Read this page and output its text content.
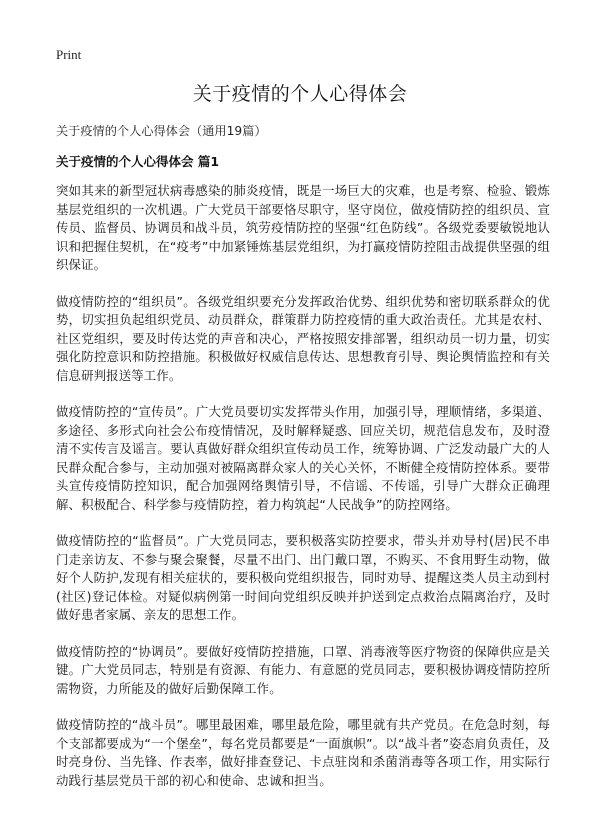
Print
关于疫情的个人心得体会
关于疫情的个人心得体会（通用19篇）
关于疫情的个人心得体会 篇1

突如其来的新型冠状病毒感染的肺炎疫情，既是一场巨大的灾难，也是考察、检验、锻炼基层党组织的一次机遇。广大党员干部要恪尽职守，坚守岗位，做疫情防控的组织员、宣传员、监督员、协调员和战斗员，筑劳疫情防控的坚强“红色防线”。各级党委要敏锐地认识和把握住契机，在“疫考”中加紧锤炼基层党组织，为打赢疫情防控阻击战提供坚强的组织保证。

做疫情防控的“组织员”。各级党组织要充分发挥政治优势、组织优势和密切联系群众的优势，切实担负起组织党员、动员群众，群策群力防控疫情的重大政治责任。尤其是农村、社区党组织，要及时传达党的声音和决心，严格按照安排部署，组织动员一切力量，切实强化防控意识和防控措施。积极做好权威信息传达、思想教育引导、舆论舆情监控和有关信息研判报送等工作。

做疫情防控的“宣传员”。广大党员要切实发挥带头作用，加强引导，理顺情绪，多渠道、多途径、多形式向社会公布疫情情况，及时解释疑惑、回应关切，规范信息发布，及时澄清不实传言及谣言。要认真做好群众组织宣传动员工作，统筹协调、广泛发动最广大的人民群众配合参与，主动加强对被隔离群众家人的关心关怀，不断健全疫情防控体系。要带头宣传疫情防控知识，配合加强网络舆情引导，不信谣、不传谣，引导广大群众正确理解、积极配合、科学参与疫情防控，着力构筑起“人民战争”的防控网络。

做疫情防控的“监督员”。广大党员同志，要积极落实防控要求，带头并劝导村(居)民不串门走亲访友、不参与聚会聚餐，尽量不出门、出门戴口罩，不购买、不食用野生动物，做好个人防护,发现有相关症状的，要积极向党组织报告，同时劝导、提醒这类人员主动到村(社区)登记体检。对疑似病例第一时间向党组织反映并护送到定点救治点隔离治疗，及时做好患者家属、亲友的思想工作。

做疫情防控的“协调员”。要做好疫情防控措施，口罩、消毒液等医疗物资的保障供应是关键。广大党员同志，特别是有资源、有能力、有意愿的党员同志，要积极协调疫情防控所需物资，力所能及的做好后勤保障工作。

做疫情防控的“战斗员”。哪里最困难，哪里最危险，哪里就有共产党员。在危急时刻，每个支部都要成为“一个堡垒”，每名党员都要是“一面旗帜”。以“战斗者”姿态肩负责任，及时亮身份、当先锋、作表率，做好排查登记、卡点驻岗和杀菌消毒等各项工作，用实际行动践行基层党员干部的初心和使命、忠诚和担当。
